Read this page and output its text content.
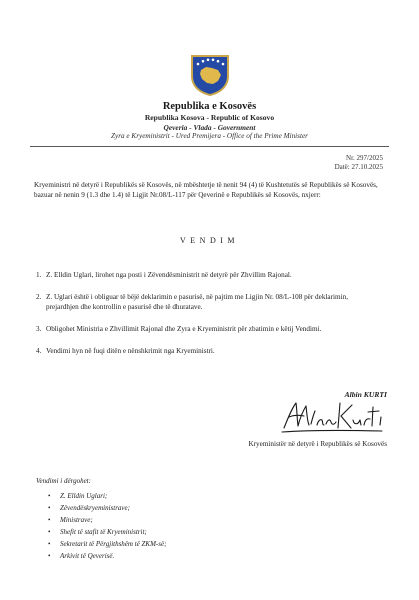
Republika e Kosovës
Republika Kosova - Republic of Kosovo
Qeveria - Vlada - Government
Zyra e Kryeministrit - Ured Premijera - Office of the Prime Minister
Nr. 297/2025
Datë: 27.10.2025
Kryeministri në detyrë i Republikës së Kosovës, në mbështetje të nenit 94 (4) të Kushtetutës së Republikës së Kosovës, bazuar në nenin 9 (1.3 dhe 1.4) të Ligjit Nr.08/L-117 për Qeverinë e Republikës së Kosovës, nxjerr:
VENDIM
1. Z. Elldin Uglari, lirohet nga posti i Zëvendësministrit në detyrë për Zhvillim Rajonal.
2. Z. Uglari është i obliguar të bëjë deklarimin e pasurisë, në pajtim me Ligjin Nr. 08/L-108 për deklarimin, prejardhjen dhe kontrollin e pasurisë dhe të dhuratave.
3. Obligohet Ministria e Zhvillimit Rajonal dhe Zyra e Kryeministrit për zbatimin e këtij Vendimi.
4. Vendimi hyn në fuqi ditën e nënshkrimit nga Kryeministri.
Albin KURTI
Kryeministër në detyrë i Republikës së Kosovës
Vendimi i dërgohet:
• Z. Elldin Uglari;
• Zëvendëskryeministrave;
• Ministrave;
• Shefit të stafit të Kryeministrit;
• Sekretarit të Përgjithshëm të ZKM-së;
• Arkivit të Qeverisë.
